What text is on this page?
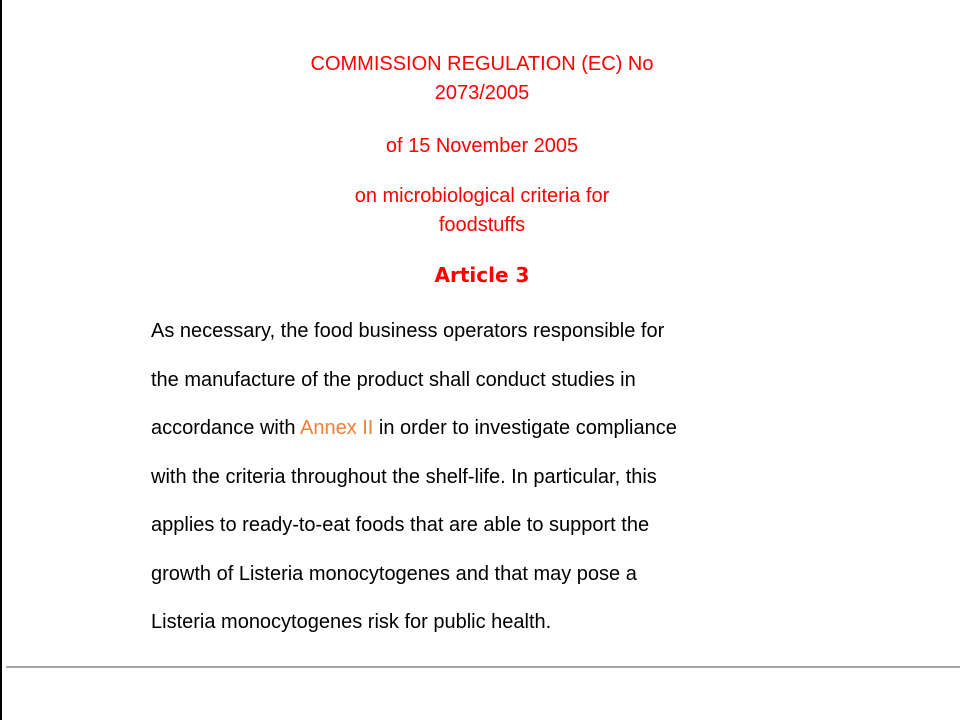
COMMISSION REGULATION (EC) No
2073/2005
of 15 November 2005
on microbiological criteria for
foodstuffs
Article 3
As necessary, the food business operators responsible for
the manufacture of the product shall conduct studies in
accordance with Annex II in order to investigate compliance
with the criteria throughout the shelf-life. In particular, this
applies to ready-to-eat foods that are able to support the
growth of Listeria monocytogenes and that may pose a
Listeria monocytogenes risk for public health.
